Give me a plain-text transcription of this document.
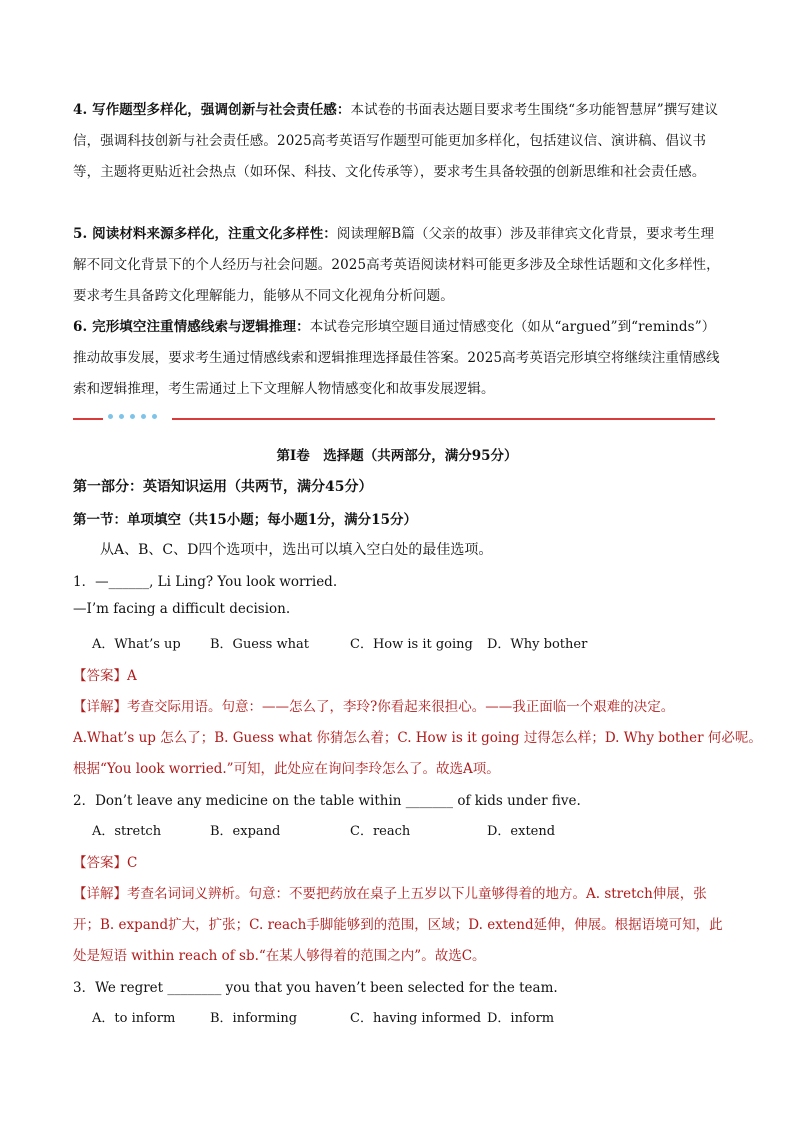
4. 写作题型多样化，强调创新与社会责任感：本试卷的书面表达题目要求考生围绕“多功能智慧屏”撰写建议信，强调科技创新与社会责任感。2025高考英语写作题型可能更加多样化，包括建议信、演讲稿、倡议书等，主题将更贴近社会热点（如环保、科技、文化传承等），要求考生具备较强的创新思维和社会责任感。
5. 阅读材料来源多样化，注重文化多样性：阅读理解B篇（父亲的故事）涉及菲律宾文化背景，要求考生理解不同文化背景下的个人经历与社会问题。2025高考英语阅读材料可能更多涉及全球性话题和文化多样性，要求考生具备跨文化理解能力，能够从不同文化视角分析问题。
6. 完形填空注重情感线索与逻辑推理：本试卷完形填空题目通过情感变化（如从“argued”到“reminds”）推动故事发展，要求考生通过情感线索和逻辑推理选择最佳答案。2025高考英语完形填空将继续注重情感线索和逻辑推理，考生需通过上下文理解人物情感变化和故事发展逻辑。
第Ⅰ卷　选择题（共两部分，满分95分）
第一部分：英语知识运用（共两节，满分45分）
第一节：单项填空（共15小题；每小题1分，满分15分）
从A、B、C、D四个选项中，选出可以填入空白处的最佳选项。
1．—______, Li Ling? You look worried.
—I’m facing a difficult decision.
A．What’s up B．Guess what	C．How is it going D．Why bother
【答案】A
【详解】考查交际用语。句意：——怎么了，李玲?你看起来很担心。——我正面临一个艰难的决定。
A.What’s up 怎么了；B. Guess what 你猜怎么着；C. How is it going 过得怎么样；D. Why bother 何必呢。
根据“You look worried.”可知，此处应在询问李玲怎么了。故选A项。
2．Don’t leave any medicine on the table within _______ of kids under five.
A．stretch	B．expand	C．reach	D．extend
【答案】C
【详解】考查名词词义辨析。句意：不要把药放在桌子上五岁以下儿童够得着的地方。A. stretch伸展，张
开；B. expand扩大，扩张；C. reach手脚能够到的范围，区域；D. extend延伸，伸展。根据语境可知，此
处是短语 within reach of sb.“在某人够得着的范围之内”。故选C。
3．We regret ________ you that you haven’t been selected for the team.
A．to inform	B．informing	C．having informed D．inform
